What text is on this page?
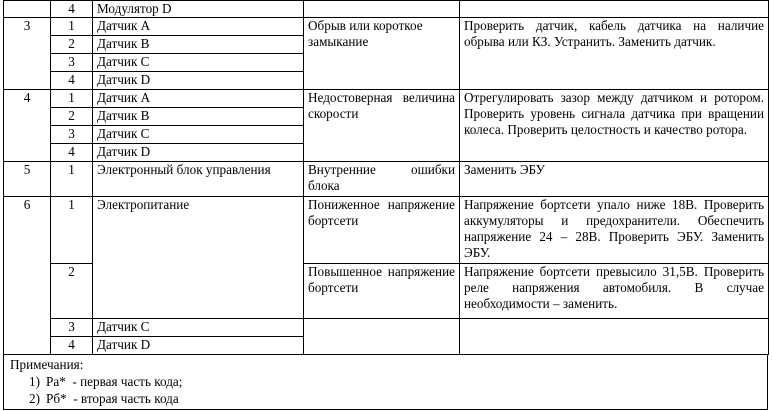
	4	Модулятор D		
3	1	Датчик A	Обрыв или короткое замыкание	Проверить датчик, кабель датчика на наличие обрыва или КЗ. Устранить. Заменить датчик.
	2	Датчик B		
	3	Датчик C		
	4	Датчик D		
4	1	Датчик A	Недостоверная величина скорости	Отрегулировать зазор между датчиком и ротором. Проверить уровень сигнала датчика при вращении колеса. Проверить целостность и качество ротора.
	2	Датчик B		
	3	Датчик C		
	4	Датчик D		
5	1	Электронный блок управления	Внутренние ошибки блока	Заменить ЭБУ
6	1	Электропитание	Пониженное напряжение бортсети	Напряжение бортсети упало ниже 18В. Проверить аккумуляторы и предохранители. Обеспечить напряжение 24 – 28В. Проверить ЭБУ. Заменить ЭБУ.
	2		Повышенное напряжение бортсети	Напряжение бортсети превысило 31,5В. Проверить реле напряжения автомобиля. В случае необходимости – заменить.
	3	Датчик C		
	4	Датчик D		
Примечания:
1) Pa*  - первая часть кода;
2) Pб*  - вторая часть кода
